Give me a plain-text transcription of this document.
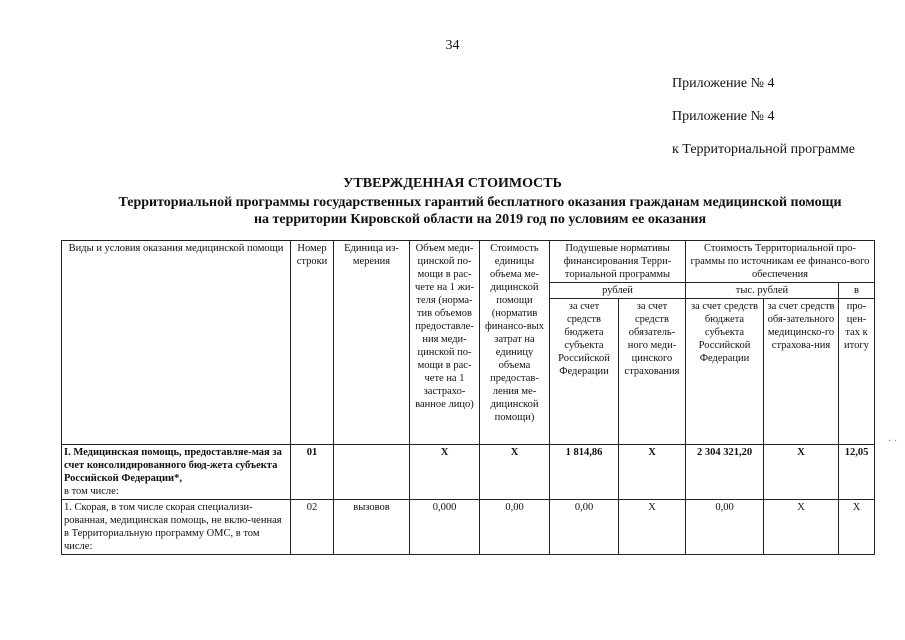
34
Приложение № 4
Приложение № 4
к Территориальной программе
УТВЕРЖДЕННАЯ СТОИМОСТЬ
Территориальной программы государственных гарантий бесплатного оказания гражданам медицинской помощи
на территории Кировской области на 2019 год по условиям ее оказания
Виды и условия оказания медицинской помощи	Номер строки	Единица из-мерения	Объем меди-цинской по-мощи в рас-чете на 1 жи-теля (норма-тив объемов предоставле-ния меди-цинской по-мощи в рас-чете на 1 застрахо-ванное лицо)	Стоимость единицы объема ме-дицинской помощи (норматив финансо-вых затрат на единицу объема предостав-ления ме-дицинской помощи)	Подушевые нормативы финансирования Терри-ториальной программы		Стоимость Территориальной про-граммы по источникам ее финансо-вого обеспечения		
					рублей		тыс. рублей		в
					за счет средств бюджета субъекта Российской Федерации	за счет средств обязатель-ного меди-цинского страхования	за счет средств бюджета субъекта Российской Федерации	за счет средств обя-зательного медицинско-го страхова-ния	про-цен-тах к итогу
I. Медицинская помощь, предоставляе-мая за счет консолидированного бюд-жета субъекта Российской Федерации*,
в том числе:	01		X	X	1 814,86	X	2 304 321,20	X	12,05
1. Скорая, в том числе скорая специализи-рованная, медицинская помощь, не вклю-ченная в Территориальную программу ОМС, в том числе:	02	вызовов	0,000	0,00	0,00	X	0,00	X	X
· ·
